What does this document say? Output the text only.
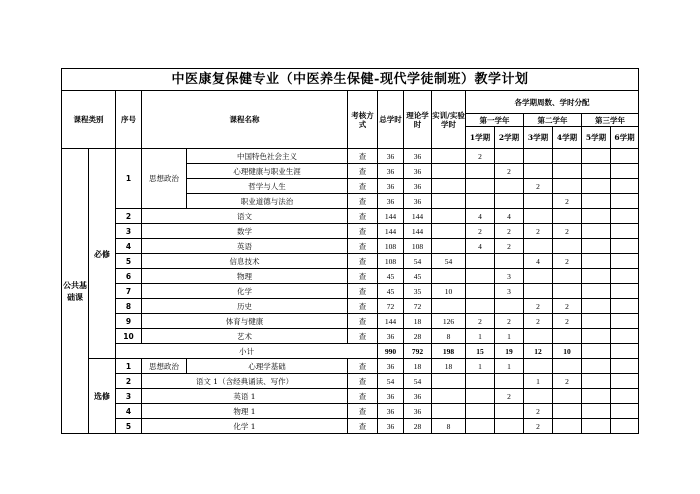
中医康复保健专业（中医养生保健-现代学徒制班）教学计划														
课程类别		序号	课程名称		考核方式	总学时	理论学时	实训/实验学时	各学期周数、学时分配					
									第一学年		第二学年		第三学年	
									1学期	2学期	3学期	4学期	5学期	6学期
公共基础课	必修	1	思想政治	中国特色社会主义	查	36	36		2					
				心理健康与职业生涯	查	36	36			2				
				哲学与人生	查	36	36				2			
				职业道德与法治	查	36	36					2		
		2	语文		查	144	144		4	4				
		3	数学		查	144	144		2	2	2	2		
		4	英语		查	108	108		4	2				
		5	信息技术		查	108	54	54			4	2		
		6	物理		查	45	45			3				
		7	化学		查	45	35	10		3				
		8	历史		查	72	72				2	2		
		9	体育与健康		查	144	18	126	2	2	2	2		
		10	艺术		查	36	28	8	1	1				
		小计				990	792	198	15	19	12	10		
	选修	1	思想政治	心理学基础	查	36	18	18	1	1				
		2	语文 1（含经典诵读、写作）		查	54	54				1	2		
		3	英语 1		查	36	36			2				
		4	物理 1		查	36	36				2			
		5	化学 1		查	36	28	8			2			
